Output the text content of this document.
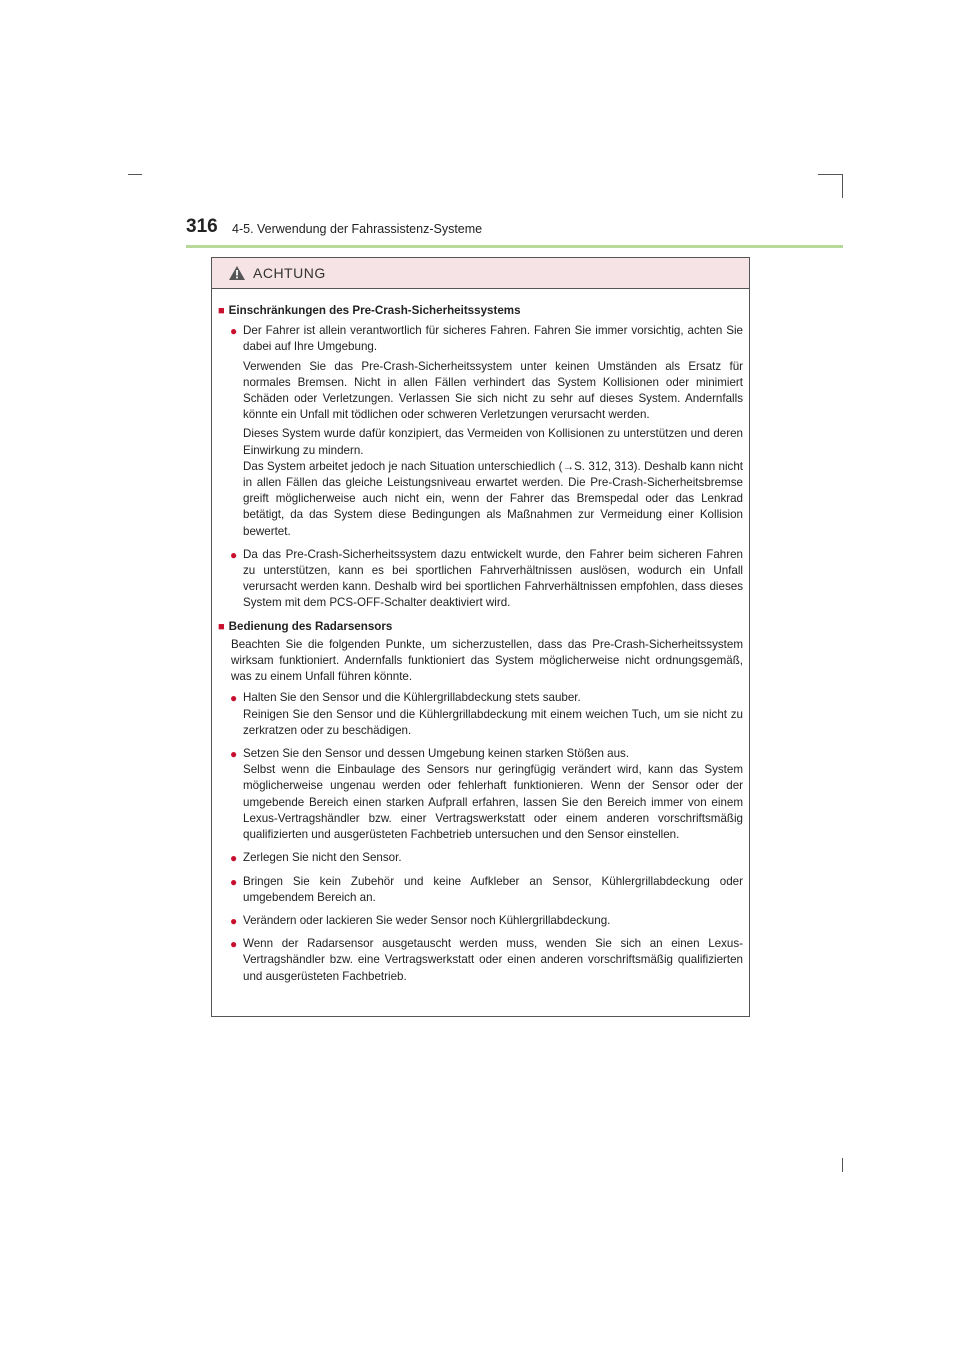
316 4-5. Verwendung der Fahrassistenz-Systeme
ACHTUNG
■ Einschränkungen des Pre-Crash-Sicherheitssystems
● Der Fahrer ist allein verantwortlich für sicheres Fahren. Fahren Sie immer vorsichtig, achten Sie dabei auf Ihre Umgebung.

Verwenden Sie das Pre-Crash-Sicherheitssystem unter keinen Umständen als Ersatz für normales Bremsen. Nicht in allen Fällen verhindert das System Kollisionen oder minimiert Schäden oder Verletzungen. Verlassen Sie sich nicht zu sehr auf dieses System. Andernfalls könnte ein Unfall mit tödlichen oder schweren Verletzungen verursacht werden.

Dieses System wurde dafür konzipiert, das Vermeiden von Kollisionen zu unterstützen und deren Einwirkung zu mindern.

Das System arbeitet jedoch je nach Situation unterschiedlich (→S. 312, 313). Deshalb kann nicht in allen Fällen das gleiche Leistungsniveau erwartet werden. Die Pre-Crash-Sicherheitsbremse greift möglicherweise auch nicht ein, wenn der Fahrer das Bremspedal oder das Lenkrad betätigt, da das System diese Bedingungen als Maßnahmen zur Vermeidung einer Kollision bewertet.

● Da das Pre-Crash-Sicherheitssystem dazu entwickelt wurde, den Fahrer beim sicheren Fahren zu unterstützen, kann es bei sportlichen Fahrverhältnissen auslösen, wodurch ein Unfall verursacht werden kann. Deshalb wird bei sportlichen Fahrverhältnissen empfohlen, dass dieses System mit dem PCS-OFF-Schalter deaktiviert wird.

■ Bedienung des Radarsensors

Beachten Sie die folgenden Punkte, um sicherzustellen, dass das Pre-Crash-Sicherheitssystem wirksam funktioniert. Andernfalls funktioniert das System möglicherweise nicht ordnungsgemäß, was zu einem Unfall führen könnte.

● Halten Sie den Sensor und die Kühlergrillabdeckung stets sauber.

Reinigen Sie den Sensor und die Kühlergrillabdeckung mit einem weichen Tuch, um sie nicht zu zerkratzen oder zu beschädigen.

● Setzen Sie den Sensor und dessen Umgebung keinen starken Stößen aus.

Selbst wenn die Einbaulage des Sensors nur geringfügig verändert wird, kann das System möglicherweise ungenau werden oder fehlerhaft funktionieren. Wenn der Sensor oder der umgebende Bereich einen starken Aufprall erfahren, lassen Sie den Bereich immer von einem Lexus-Vertragshändler bzw. einer Vertragswerkstatt oder einem anderen vorschriftsmäßig qualifizierten und ausgerüsteten Fachbetrieb untersuchen und den Sensor einstellen.

● Zerlegen Sie nicht den Sensor.

● Bringen Sie kein Zubehör und keine Aufkleber an Sensor, Kühlergrillabdeckung oder umgebendem Bereich an.

● Verändern oder lackieren Sie weder Sensor noch Kühlergrillabdeckung.

● Wenn der Radarsensor ausgetauscht werden muss, wenden Sie sich an einen Lexus-Vertragshändler bzw. eine Vertragswerkstatt oder einen anderen vorschriftsmäßig qualifizierten und ausgerüsteten Fachbetrieb.
